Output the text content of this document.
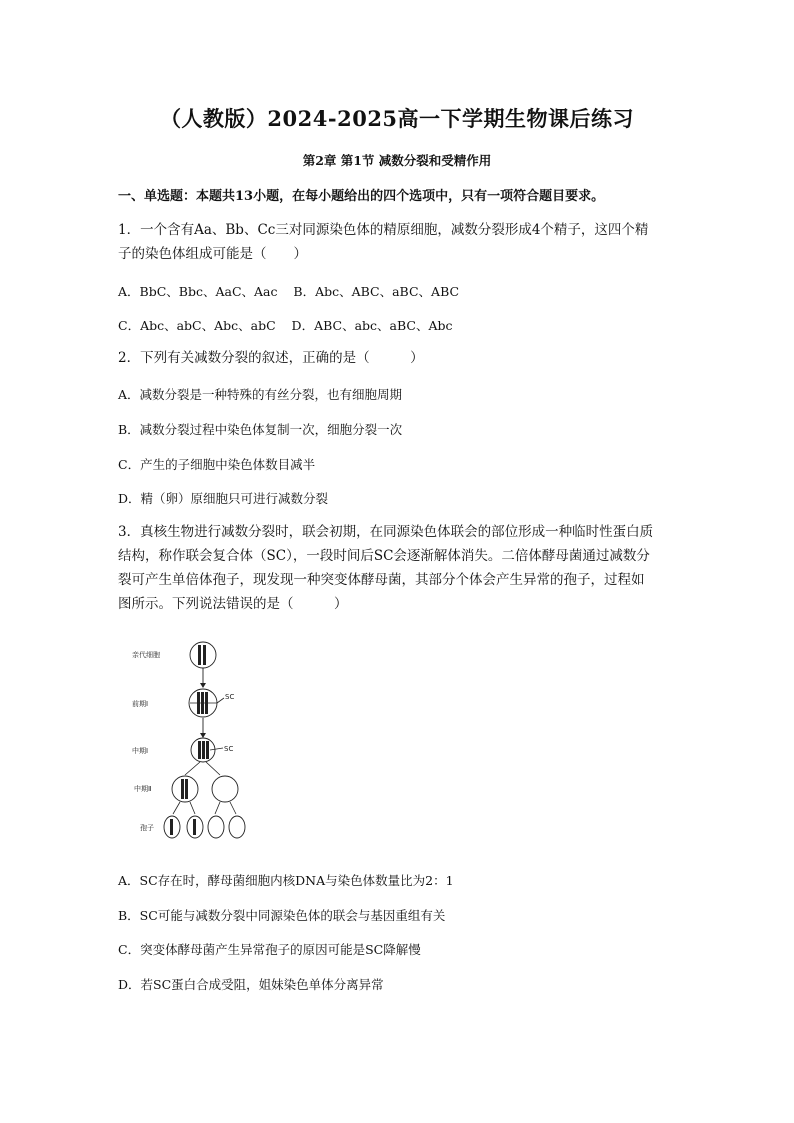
（人教版）2024-2025高一下学期生物课后练习
第2章 第1节 减数分裂和受精作用
一、单选题：本题共13小题，在每小题给出的四个选项中，只有一项符合题目要求。
1．一个含有Aa、Bb、Cc三对同源染色体的精原细胞，减数分裂形成4个精子，这四个精
子的染色体组成可能是（　　）
A．BbC、Bbc、AaC、Aac    B．Abc、ABC、aBC、ABC
C．Abc、abC、Abc、abC    D．ABC、abc、aBC、Abc
2．下列有关减数分裂的叙述，正确的是（　　　）
A．减数分裂是一种特殊的有丝分裂，也有细胞周期
B．减数分裂过程中染色体复制一次，细胞分裂一次
C．产生的子细胞中染色体数目减半
D．精（卵）原细胞只可进行减数分裂
3．真核生物进行减数分裂时，联会初期，在同源染色体联会的部位形成一种临时性蛋白质
结构，称作联会复合体（SC），一段时间后SC会逐渐解体消失。二倍体酵母菌通过减数分
裂可产生单倍体孢子，现发现一种突变体酵母菌，其部分个体会产生异常的孢子，过程如
图所示。下列说法错误的是（　　　）
亲代细胞
前期Ⅰ
SC
中期Ⅰ	SC
中期Ⅱ
孢子
A．SC存在时，酵母菌细胞内核DNA与染色体数量比为2：1
B．SC可能与减数分裂中同源染色体的联会与基因重组有关
C．突变体酵母菌产生异常孢子的原因可能是SC降解慢
D．若SC蛋白合成受阻，姐妹染色单体分离异常
